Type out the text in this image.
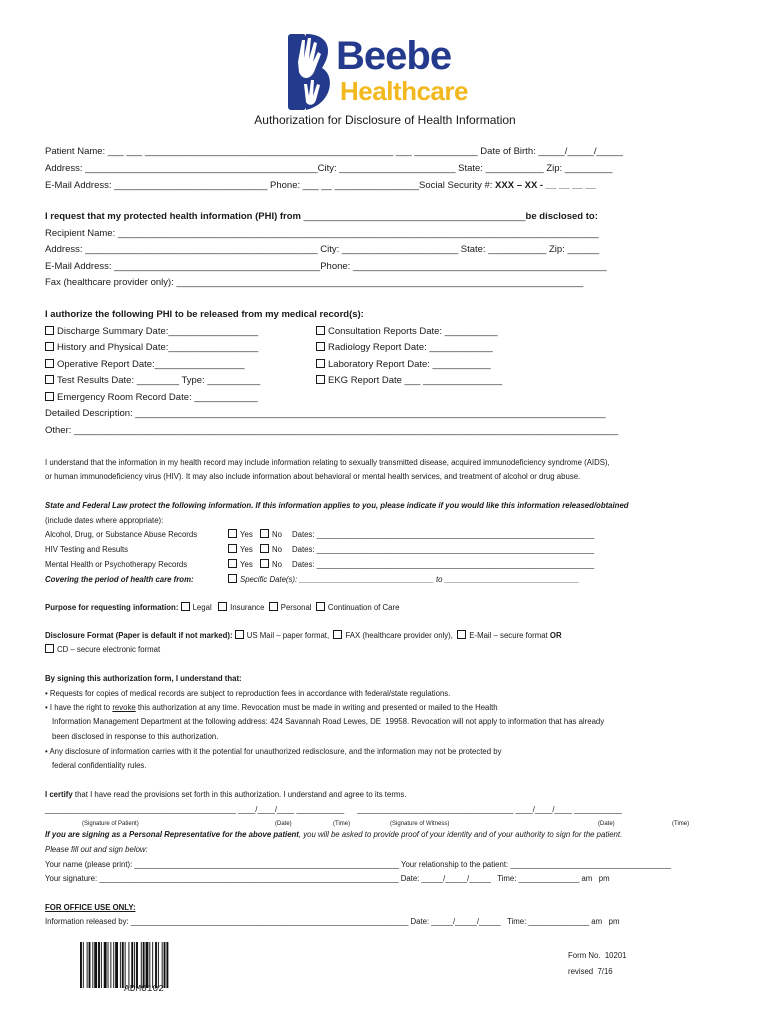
Beebe
Healthcare
Authorization for Disclosure of Health Information
Patient Name: ___ ___ _______________________________________________ ___ ____________ Date of Birth: _____/_____/_____
Address: ____________________________________________City: ______________________ State: ___________ Zip: _________
E-Mail Address: _____________________________ Phone: ___ __ ________________Social Security #: XXX – XX - __ __ __ __
I request that my protected health information (PHI) from __________________________________________be disclosed to:
Recipient Name: ___________________________________________________________________________________________
Address: ____________________________________________ City: ______________________ State: ___________ Zip: ______
E-Mail Address: _______________________________________Phone: ________________________________________________
Fax (healthcare provider only): _____________________________________________________________________________
I authorize the following PHI to be released from my medical record(s):
Discharge Summary Date:_________________
History and Physical Date:_________________
Operative Report Date:_________________
Test Results Date: ________ Type: __________
Emergency Room Record Date: ____________
Consultation Reports Date: __________
Radiology Report Date: ____________
Laboratory Report Date: ___________
EKG Report Date ___ _______________
Detailed Description: _________________________________________________________________________________________
Other: _______________________________________________________________________________________________________
I understand that the information in my health record may include information relating to sexually transmitted disease, acquired immunodeficiency syndrome (AIDS),
or human immunodeficiency virus (HIV). It may also include information about behavioral or mental health services, and treatment of alcohol or drug abuse.
State and Federal Law protect the following information. If this information applies to you, please indicate if you would like this information released/obtained
(include dates where appropriate):
Alcohol, Drug, or Substance Abuse Records	Yes	No Dates: ________________________________________________________________
HIV Testing and Results	Yes	No Dates: ________________________________________________________________
Mental Health or Psychotherapy Records	Yes	No Dates: ________________________________________________________________
Covering the period of health care from:	Specific Date(s): _______________________________ to _______________________________
Purpose for requesting information: Legal Insurance Personal Continuation of Care
Disclosure Format (Paper is default if not marked): US Mail – paper format, FAX (healthcare provider only), E-Mail – secure format OR
CD – secure electronic format
By signing this authorization form, I understand that:
• Requests for copies of medical records are subject to reproduction fees in accordance with federal/state regulations.
• I have the right to revoke this authorization at any time. Revocation must be made in writing and presented or mailed to the Health
Information Management Department at the following address: 424 Savannah Road Lewes, DE  19958. Revocation will not apply to information that has already
been disclosed in response to this authorization.
• Any disclosure of information carries with it the potential for unauthorized redisclosure, and the information may not be protected by
federal confidentiality rules.
I certify that I have read the provisions set forth in this authorization. I understand and agree to its terms.
____________________________________________ ____/____/____ ___________      ____________________________________ ____/____/____ ___________
(Signature of Patient)	(Date)	(Time)	(Signature of Witness)	(Date)	(Time)
If you are signing as a Personal Representative for the above patient, you will be asked to provide proof of your identity and of your authority to sign for the patient.
Please fill out and sign below:
Your name (please print): _____________________________________________________________ Your relationship to the patient: _____________________________________
Your signature: _____________________________________________________________________ Date: _____/_____/_____   Time: ______________ am   pm
FOR OFFICE USE ONLY:
Information released by: ________________________________________________________________ Date: _____/_____/_____   Time: ______________ am   pm
ADM0102
Form No.  10201
revised  7/16
